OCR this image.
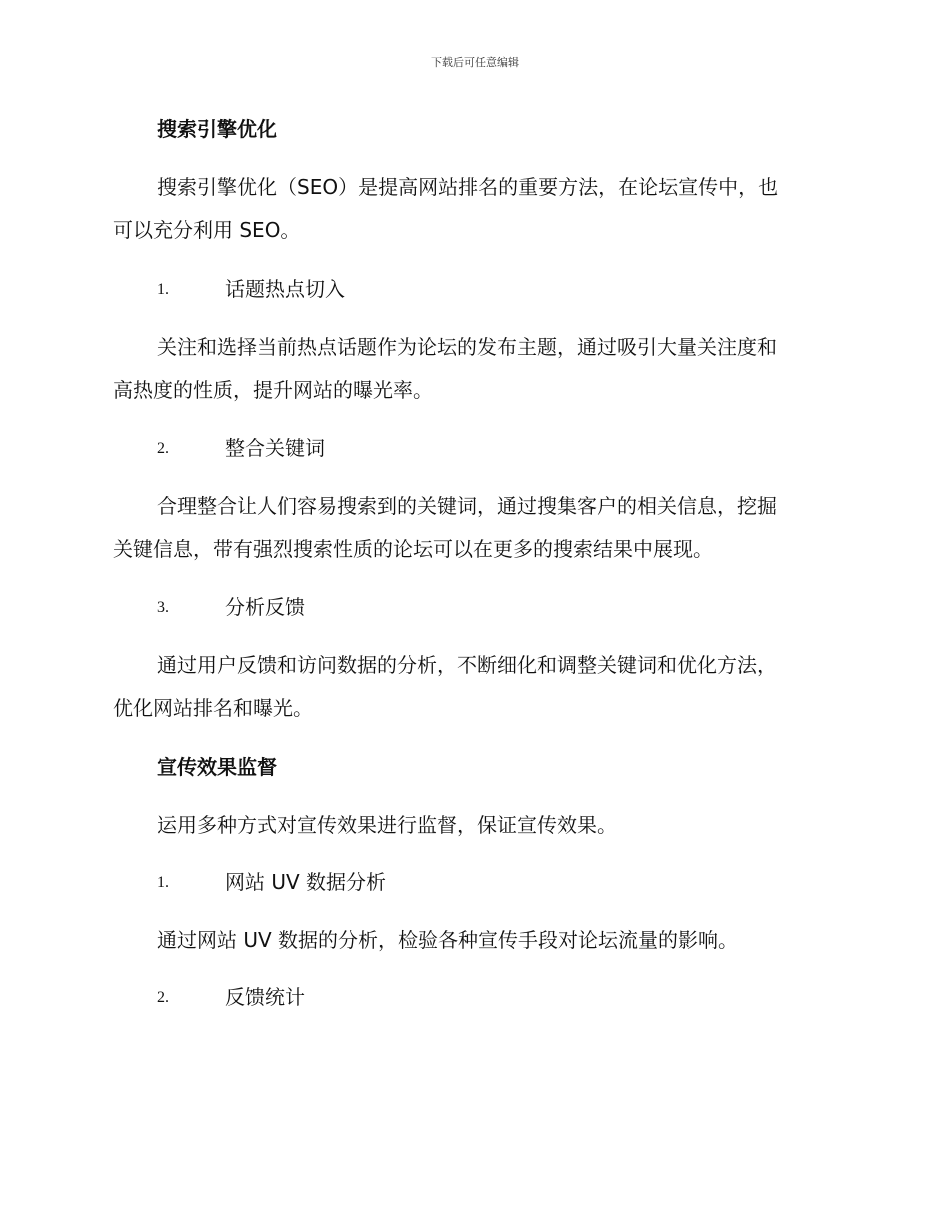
下载后可任意编辑
搜索引擎优化
搜索引擎优化（SEO）是提高网站排名的重要方法，在论坛宣传中，也
可以充分利用 SEO。
1.	话题热点切入
关注和选择当前热点话题作为论坛的发布主题，通过吸引大量关注度和
高热度的性质，提升网站的曝光率。
2.	整合关键词
合理整合让人们容易搜索到的关键词，通过搜集客户的相关信息，挖掘
关键信息，带有强烈搜索性质的论坛可以在更多的搜索结果中展现。
3.	分析反馈
通过用户反馈和访问数据的分析，不断细化和调整关键词和优化方法，
优化网站排名和曝光。
宣传效果监督
运用多种方式对宣传效果进行监督，保证宣传效果。
1.	网站 UV 数据分析
通过网站 UV 数据的分析，检验各种宣传手段对论坛流量的影响。
2.	反馈统计
